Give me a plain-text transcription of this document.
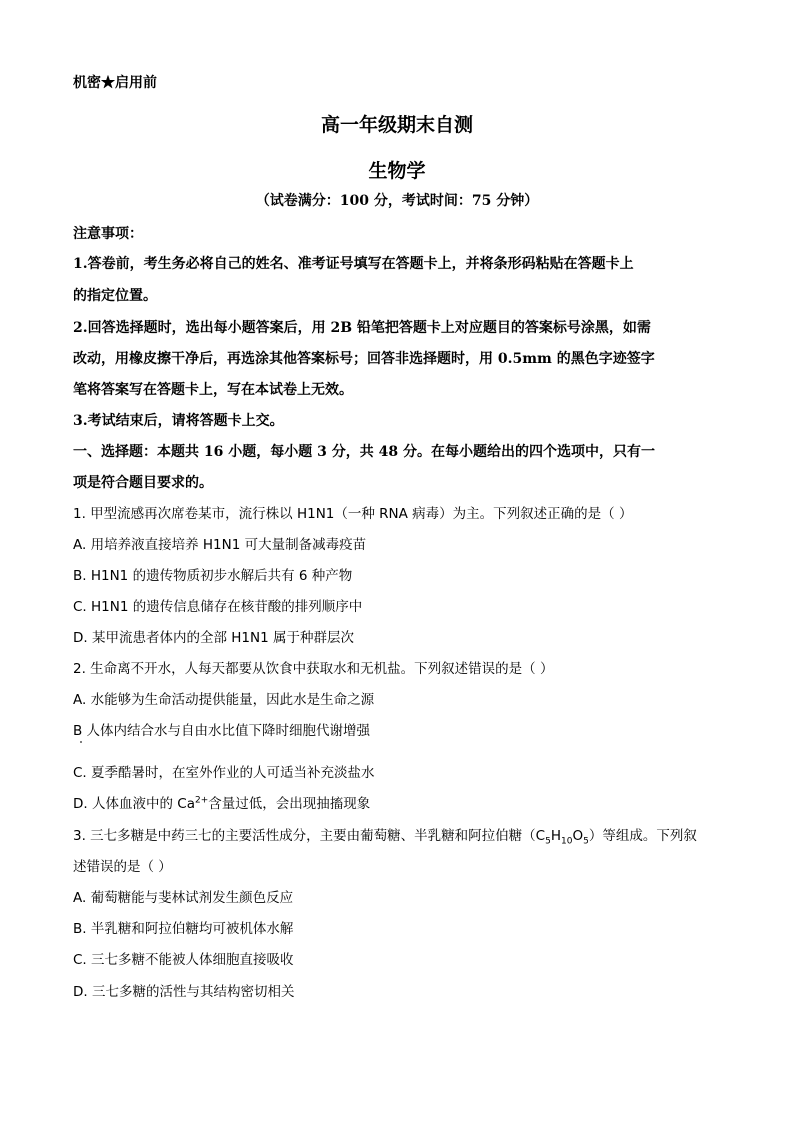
机密★启用前
高一年级期末自测
生物学
（试卷满分：100 分，考试时间：75 分钟）
注意事项：
1.答卷前，考生务必将自己的姓名、准考证号填写在答题卡上，并将条形码粘贴在答题卡上
的指定位置。
2.回答选择题时，选出每小题答案后，用 2B 铅笔把答题卡上对应题目的答案标号涂黑，如需
改动，用橡皮擦干净后，再选涂其他答案标号；回答非选择题时，用 0.5mm 的黑色字迹签字
笔将答案写在答题卡上，写在本试卷上无效。
3.考试结束后，请将答题卡上交。
一、选择题：本题共 16 小题，每小题 3 分，共 48 分。在每小题给出的四个选项中，只有一
项是符合题目要求的。
1. 甲型流感再次席卷某市，流行株以 H1N1（一种 RNA 病毒）为主。下列叙述正确的是（ ）
A. 用培养液直接培养 H1N1 可大量制备减毒疫苗
B. H1N1 的遗传物质初步水解后共有 6 种产物
C. H1N1 的遗传信息储存在核苷酸的排列顺序中
D. 某甲流患者体内的全部 H1N1 属于种群层次
2. 生命离不开水，人每天都要从饮食中获取水和无机盐。下列叙述错误的是（ ）
A. 水能够为生命活动提供能量，因此水是生命之源
B 人体内结合水与自由水比值下降时细胞代谢增强
C. 夏季酷暑时，在室外作业的人可适当补充淡盐水
D. 人体血液中的 $Ca^{2+}$含量过低，会出现抽搐现象
3. 三七多糖是中药三七的主要活性成分，主要由葡萄糖、半乳糖和阿拉伯糖$(C_5H_{10}O_5)$等组成。下列叙
述错误的是（ ）
A. 葡萄糖能与斐林试剂发生颜色反应
B. 半乳糖和阿拉伯糖均可被机体水解
C. 三七多糖不能被人体细胞直接吸收
D. 三七多糖的活性与其结构密切相关
